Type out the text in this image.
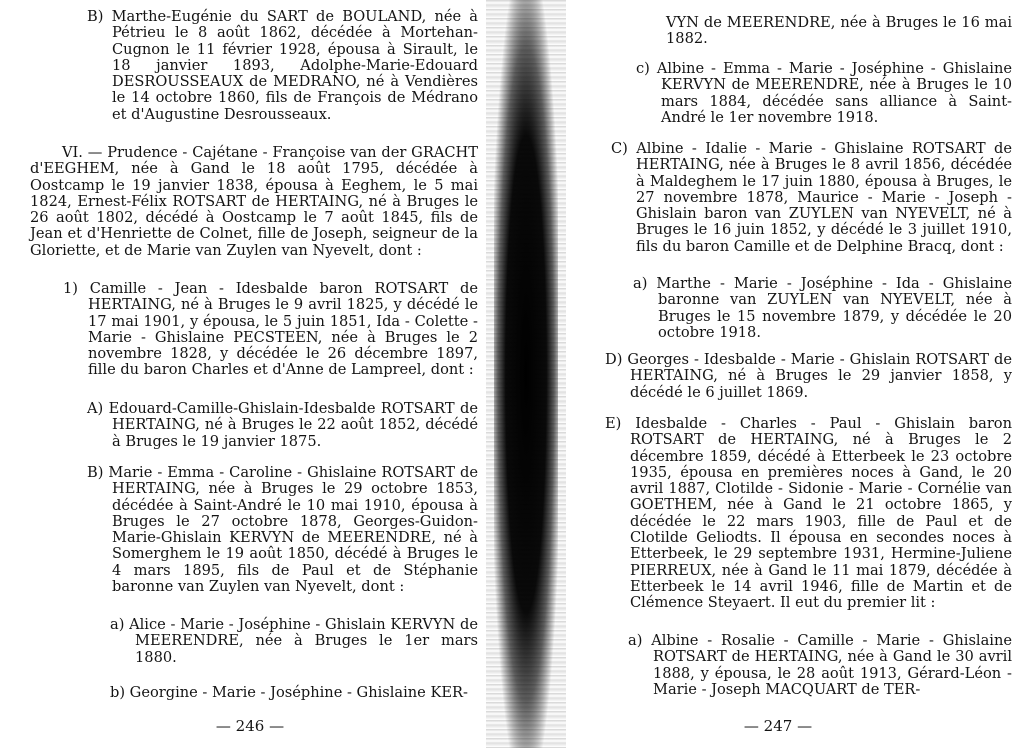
B) Marthe-Eugénie du SART de BOULAND, née à Pétrieu le 8 août 1862, décédée à Mortehan-Cugnon le 11 février 1928, épousa à Sirault, le 18 janvier 1893, Adolphe-Marie-Edouard DESROUSSEAUX de MEDRANO, né à Vendières le 14 octobre 1860, fils de François de Médrano et d'Augustine Desrousseaux.
VI. — Prudence - Cajétane - Françoise van der GRACHT d'EEGHEM, née à Gand le 18 août 1795, décédée à Oostcamp le 19 janvier 1838, épousa à Eeghem, le 5 mai 1824, Ernest-Félix ROTSART de HERTAING, né à Bruges le 26 août 1802, décédé à Oostcamp le 7 août 1845, fils de Jean et d'Henriette de Colnet, fille de Joseph, seigneur de la Gloriette, et de Marie van Zuylen van Nyevelt, dont :
1) Camille - Jean - Idesbalde baron ROTSART de HERTAING, né à Bruges le 9 avril 1825, y décédé le 17 mai 1901, y épousa, le 5 juin 1851, Ida - Colette - Marie - Ghislaine PECSTEEN, née à Bruges le 2 novembre 1828, y décédée le 26 décembre 1897, fille du baron Charles et d'Anne de Lampreel, dont :
A) Edouard-Camille-Ghislain-Idesbalde ROTSART de HERTAING, né à Bruges le 22 août 1852, décédé à Bruges le 19 janvier 1875.
B) Marie - Emma - Caroline - Ghislaine ROTSART de HERTAING, née à Bruges le 29 octobre 1853, décédée à Saint-André le 10 mai 1910, épousa à Bruges le 27 octobre 1878, Georges-Guidon-Marie-Ghislain KERVYN de MEERENDRE, né à Somerghem le 19 août 1850, décédé à Bruges le 4 mars 1895, fils de Paul et de Stéphanie baronne van Zuylen van Nyevelt, dont :
a) Alice - Marie - Joséphine - Ghislain KERVYN de MEERENDRE, née à Bruges le 1er mars 1880.
b) Georgine - Marie - Joséphine - Ghislaine KER-
— 246 —
VYN de MEERENDRE, née à Bruges le 16 mai 1882.
c) Albine - Emma - Marie - Joséphine - Ghislaine KERVYN de MEERENDRE, née à Bruges le 10 mars 1884, décédée sans alliance à Saint-André le 1er novembre 1918.
C) Albine - Idalie - Marie - Ghislaine ROTSART de HERTAING, née à Bruges le 8 avril 1856, décédée à Maldeghem le 17 juin 1880, épousa à Bruges, le 27 novembre 1878, Maurice - Marie - Joseph - Ghislain baron van ZUYLEN van NYEVELT, né à Bruges le 16 juin 1852, y décédé le 3 juillet 1910, fils du baron Camille et de Delphine Bracq, dont :
a) Marthe - Marie - Joséphine - Ida - Ghislaine baronne van ZUYLEN van NYEVELT, née à Bruges le 15 novembre 1879, y décédée le 20 octobre 1918.
D) Georges - Idesbalde - Marie - Ghislain ROTSART de HERTAING, né à Bruges le 29 janvier 1858, y décédé le 6 juillet 1869.
E) Idesbalde - Charles - Paul - Ghislain baron ROTSART de HERTAING, né à Bruges le 2 décembre 1859, décédé à Etterbeek le 23 octobre 1935, épousa en premières noces à Gand, le 20 avril 1887, Clotilde - Sidonie - Marie - Cornélie van GOETHEM, née à Gand le 21 octobre 1865, y décédée le 22 mars 1903, fille de Paul et de Clotilde Geliodts. Il épousa en secondes noces à Etterbeek, le 29 septembre 1931, Hermine-Juliene PIERREUX, née à Gand le 11 mai 1879, décédée à Etterbeek le 14 avril 1946, fille de Martin et de Clémence Steyaert. Il eut du premier lit :
a) Albine - Rosalie - Camille - Marie - Ghislaine ROTSART de HERTAING, née à Gand le 30 avril 1888, y épousa, le 28 août 1913, Gérard-Léon - Marie - Joseph MACQUART de TER-
— 247 —
